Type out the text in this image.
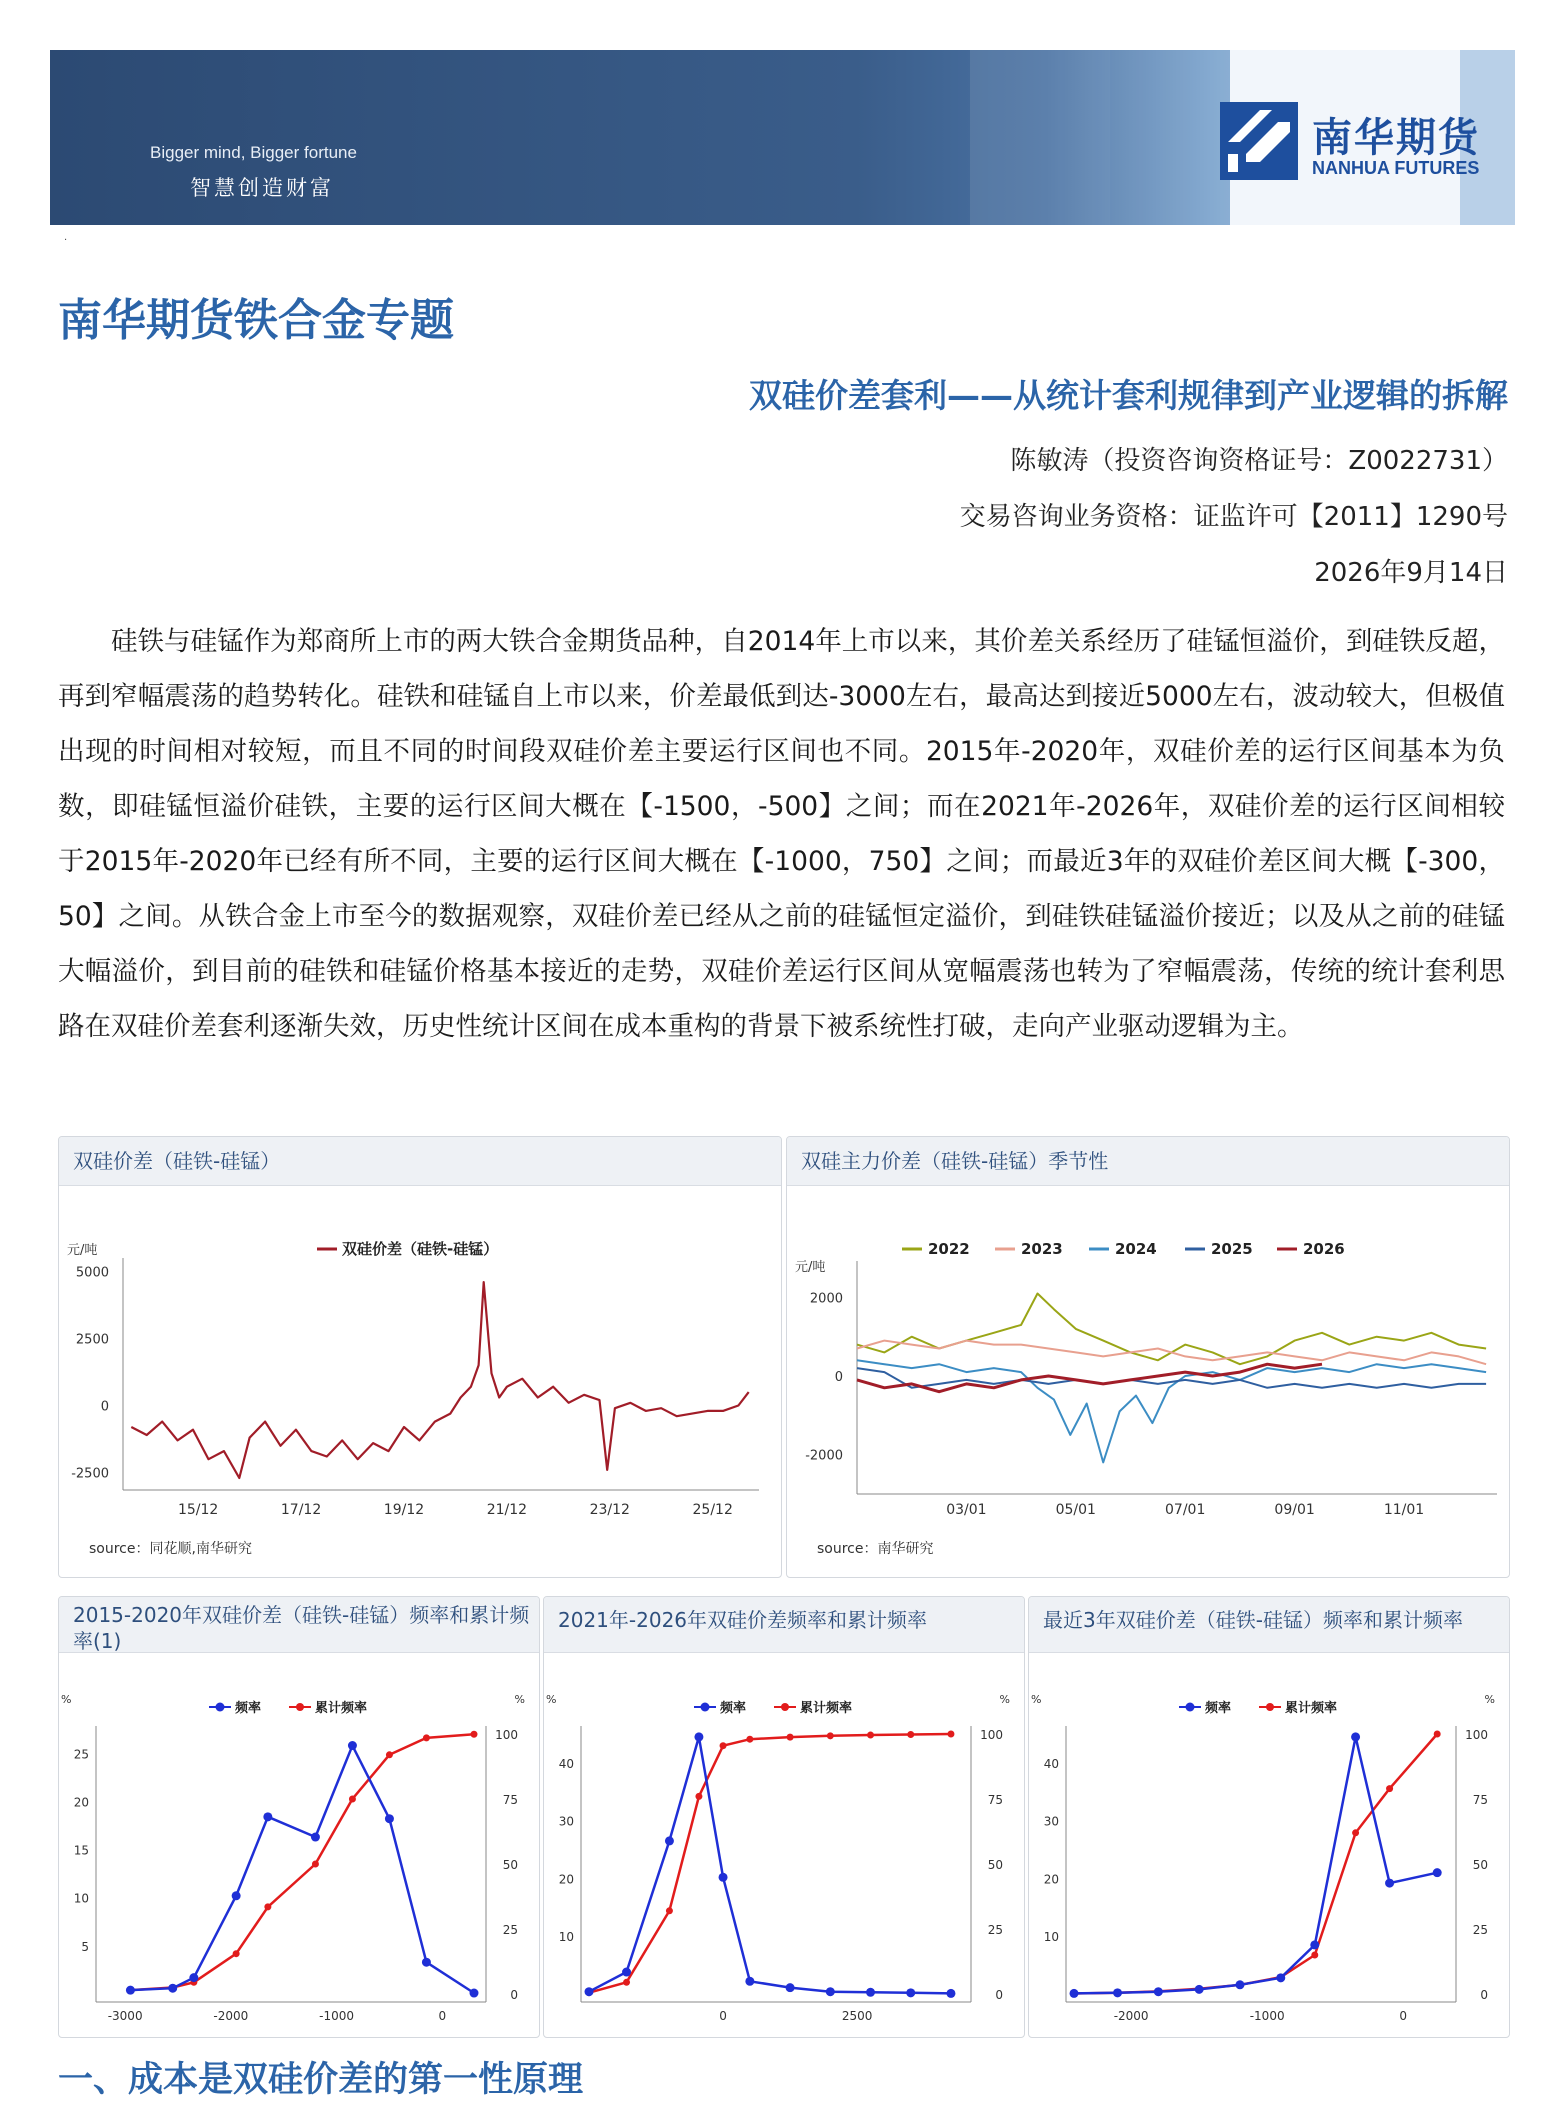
Bigger mind, Bigger fortune
智慧创造财富
南华期货
NANHUA FUTURES
.
南华期货铁合金专题
双硅价差套利——从统计套利规律到产业逻辑的拆解
陈敏涛（投资咨询资格证号：Z0022731）
交易咨询业务资格：证监许可【2011】1290号
2026年9月14日

硅铁与硅锰作为郑商所上市的两大铁合金期货品种，自2014年上市以来，其价差关系经历了硅锰恒溢价，到硅铁反超，再到窄幅震荡的趋势转化。硅铁和硅锰自上市以来，价差最低到达-3000左右，最高达到接近5000左右，波动较大，但极值出现的时间相对较短，而且不同的时间段双硅价差主要运行区间也不同。2015年-2020年，双硅价差的运行区间基本为负数，即硅锰恒溢价硅铁，主要的运行区间大概在【-1500，-500】之间；而在2021年-2026年，双硅价差的运行区间相较于2015年-2020年已经有所不同，主要的运行区间大概在【-1000，750】之间；而最近3年的双硅价差区间大概【-300，50】之间。从铁合金上市至今的数据观察，双硅价差已经从之前的硅锰恒定溢价，到硅铁硅锰溢价接近；以及从之前的硅锰大幅溢价，到目前的硅铁和硅锰价格基本接近的走势，双硅价差运行区间从宽幅震荡也转为了窄幅震荡，传统的统计套利思路在双硅价差套利逐渐失效，历史性统计区间在成本重构的背景下被系统性打破，走向产业驱动逻辑为主。

双硅价差（硅铁-硅锰）
元/吨	双硅价差（硅铁-硅锰）
5000
2500
0
-2500
15/12	17/12	19/12	21/12	23/12	25/12
source：同花顺,南华研究
双硅主力价差（硅铁-硅锰）季节性
元/吨
2022	2023	2024	2025	2026
2000
0
-2000
03/01	05/01	07/01	09/01	11/01
source：南华研究
2015-2020年双硅价差（硅铁-硅锰）频率和累计频率(1)
%	%
频率	累计频率
25
20
15
10
5
100
75
50
25
0
-3000	-2000	-1000	0
2021年-2026年双硅价差频率和累计频率
%	%
频率	累计频率
40
30
20
10
100
75
50
25
0
0	2500
最近3年双硅价差（硅铁-硅锰）频率和累计频率
%	%
频率	累计频率
40
30
20
10
100
75
50
25
0
-2000	-1000	0
一、成本是双硅价差的第一性原理
